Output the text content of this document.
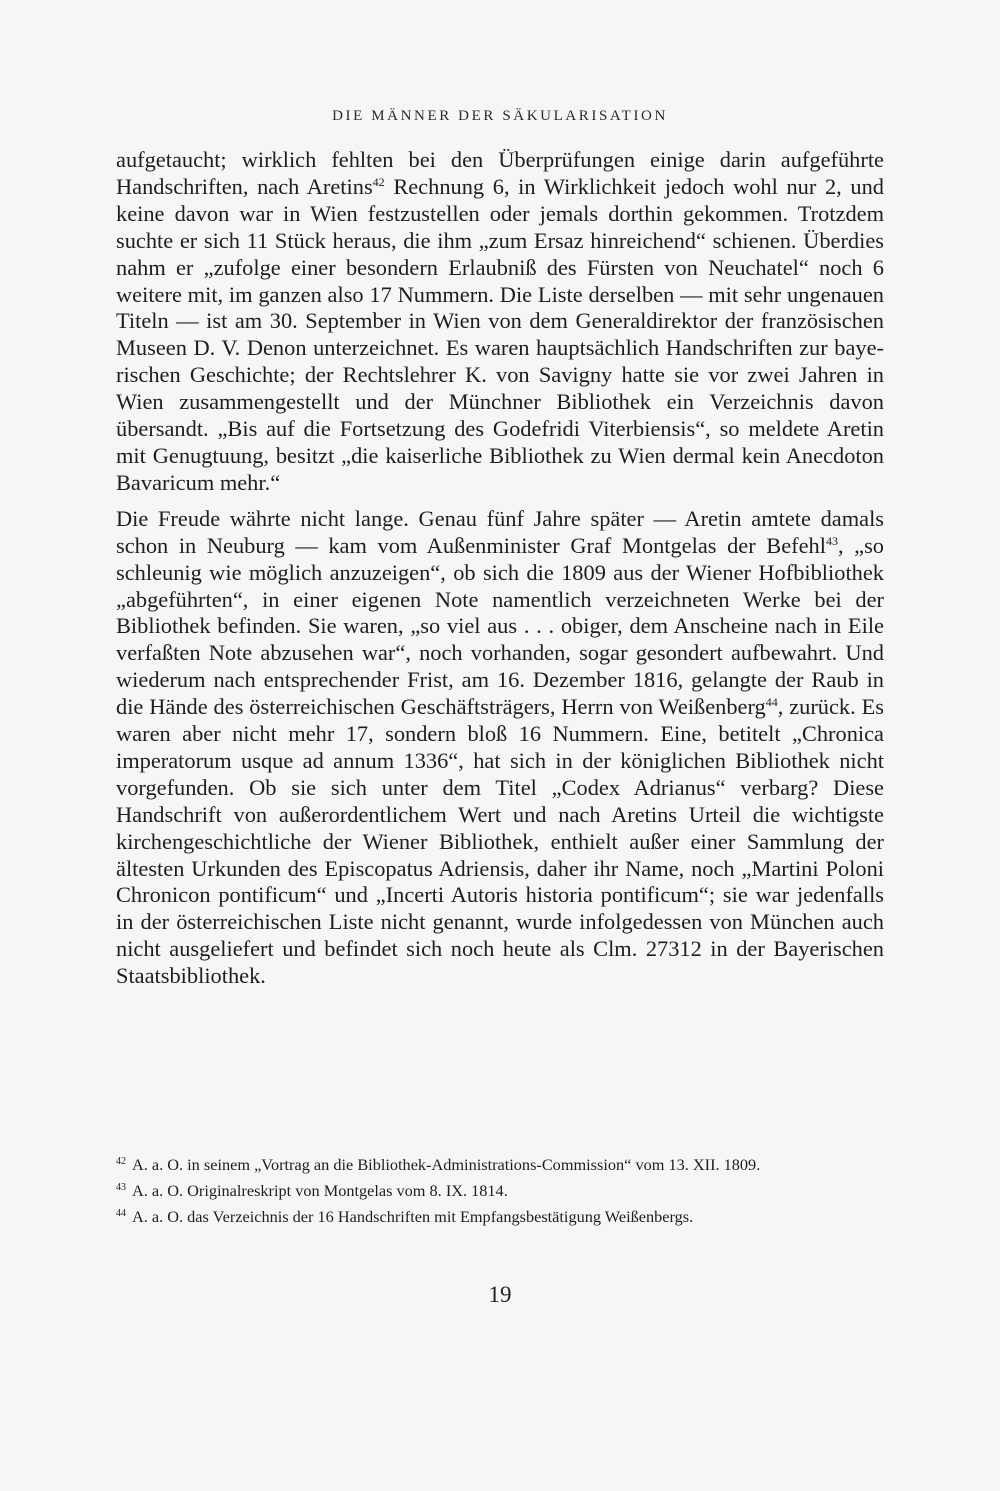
DIE MÄNNER DER SÄKULARISATION

aufgetaucht; wirklich fehlten bei den Überprüfungen einige darin aufgeführte Handschriften, nach Aretins$^{42}$ Rechnung 6, in Wirklichkeit jedoch wohl nur 2, und keine davon war in Wien festzustellen oder jemals dorthin gekommen. Trotzdem suchte er sich 11 Stück heraus, die ihm „zum Ersaz hinreichend“ schienen. Überdies nahm er „zufolge einer besondern Erlaubniß des Fürsten von Neuchatel“ noch 6 weitere mit, im ganzen also 17 Nummern. Die Liste derselben — mit sehr ungenauen Titeln — ist am 30. September in Wien von dem Generaldirektor der französischen Museen D. V. Denon unterzeichnet. Es waren hauptsächlich Handschriften zur bayerischen Geschichte; der Rechtslehrer K. von Savigny hatte sie vor zwei Jahren in Wien zusammengestellt und der Münchner Bibliothek ein Verzeichnis davon übersandt. „Bis auf die Fortsetzung des Godefridi Viterbiensis“, so meldete Aretin mit Genugtuung, besitzt „die kaiserliche Bibliothek zu Wien dermal kein Anecdoton Bavaricum mehr.“

Die Freude währte nicht lange. Genau fünf Jahre später — Aretin amtete damals schon in Neuburg — kam vom Außenminister Graf Montgelas der Befehl$^{43}$, „so schleunig wie möglich anzuzeigen“, ob sich die 1809 aus der Wiener Hofbibliothek „abgeführten“, in einer eigenen Note namentlich verzeichneten Werke bei der Bibliothek befinden. Sie waren, „so viel aus . . . obiger, dem Anscheine nach in Eile verfaßten Note abzusehen war“, noch vorhanden, sogar gesondert aufbewahrt. Und wiederum nach entsprechender Frist, am 16. Dezember 1816, gelangte der Raub in die Hände des österreichischen Geschäftsträgers, Herrn von Weißenberg$^{44}$, zurück. Es waren aber nicht mehr 17, sondern bloß 16 Nummern. Eine, betitelt „Chronica imperatorum usque ad annum 1336“, hat sich in der königlichen Bibliothek nicht vorgefunden. Ob sie sich unter dem Titel „Codex Adrianus“ verbarg? Diese Handschrift von außerordentlichem Wert und nach Aretins Urteil die wichtigste kirchengeschichtliche der Wiener Bibliothek, enthielt außer einer Sammlung der ältesten Urkunden des Episcopatus Adriensis, daher ihr Name, noch „Martini Poloni Chronicon pontificum“ und „Incerti Autoris historia pontificum“; sie war jedenfalls in der österreichischen Liste nicht genannt, wurde infolgedessen von München auch nicht ausgeliefert und befindet sich noch heute als Clm. 27312 in der Bayerischen Staatsbibliothek.

$^{42}$ A. a. O. in seinem „Vortrag an die Bibliothek-Administrations-Commission“ vom 13. XII. 1809.

$^{43}$ A. a. O. Originalreskript von Montgelas vom 8. IX. 1814.

$^{44}$ A. a. O. das Verzeichnis der 16 Handschriften mit Empfangsbestätigung Weißenbergs.

19
